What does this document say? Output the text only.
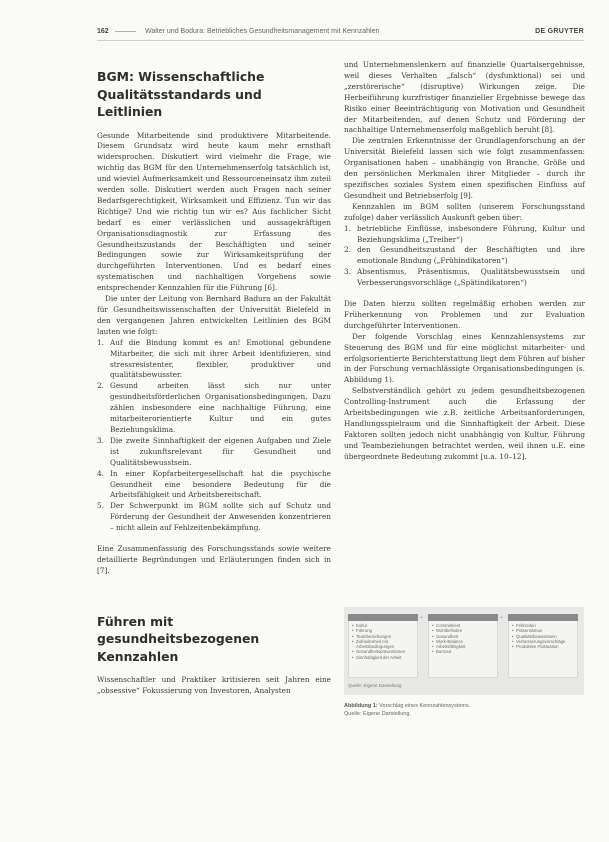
162 ——— Walter und Bodura: Betriebliches Gesundheitsmanagement mit Kennzahlen	DE GRUYTER
BGM: Wissenschaftliche
Qualitätsstandards und Leitlinien

Gesunde Mitarbeitende sind produktivere Mitarbeitende. Diesem Grundsatz wird heute kaum mehr ernsthaft widersprochen. Diskutiert wird vielmehr die Frage, wie wichtig das BGM für den Unternehmenserfolg tatsächlich ist, und wieviel Aufmerksamkeit und Ressourceneinsatz ihm zuteil werden solle. Diskutiert werden auch Fragen nach seiner Bedarfsgerechtigkeit, Wirksamkeit und Effizienz. Tun wir das Richtige? Und wie richtig tun wir es? Aus fachlicher Sicht bedarf es einer verlässlichen und aussagekräftigen Organisationsdiagnostik zur Erfassung des Gesundheitszustands der Beschäftigten und seiner Bedingungen sowie zur Wirksamkeitsprüfung der durchgeführten Interventionen. Und es bedarf eines systematischen und nachhaltigen Vorgehens sowie entsprechender Kennzahlen für die Führung [6].

Die unter der Leitung von Bernhard Badura an der Fakultät für Gesundheitswissenschaften der Universität Bielefeld in den vergangenen Jahren entwickelten Leitlinien des BGM lauten wie folgt:

1. Auf die Bindung kommt es an! Emotional gebundene Mitarbeiter, die sich mit ihrer Arbeit identifizieren, sind stressresistenter, flexibler, produktiver und qualitätsbewusster.
2. Gesund arbeiten lässt sich nur unter gesundheitsförderlichen Organisationsbedingungen. Dazu zählen insbesondere eine nachhaltige Führung, eine mitarbeiterorientierte Kultur und ein gutes Beziehungsklima.
3. Die zweite Sinnhaftigkeit der eigenen Aufgaben und Ziele ist zukunftsrelevant für Gesundheit und Qualitätsbewusstsein.
4. In einer Kopfarbeitergesellschaft hat die psychische Gesundheit eine besondere Bedeutung für die Arbeitsfähigkeit und Arbeitsbereitschaft.
5. Der Schwerpunkt im BGM sollte sich auf Schutz und Förderung der Gesundheit der Anwesenden konzentrieren – nicht allein auf Fehlzeitenbekämpfung.

Eine Zusammenfassung des Forschungsstands sowie weitere detaillierte Begründungen und Erläuterungen finden sich in [7].

Führen mit gesundheitsbezogenen
Kennzahlen

Wissenschaftler und Praktiker kritisieren seit Jahren eine „obsessive“ Fokussierung von Investoren, Analysten

und Unternehmenslenkern auf finanzielle Quartalsergebnisse, weil dieses Verhalten „falsch“ (dysfunktional) sei und „zerstörerische“ (disruptive) Wirkungen zeige. Die Herbeiführung kurzfristiger finanzieller Ergebnisse bewege das Risiko einer Beeinträchtigung von Motivation und Gesundheit der Mitarbeitenden, auf denen Schutz und Förderung der nachhaltige Unternehmenserfolg maßgeblich beruht [8].

Die zentralen Erkenntnisse der Grundlagenforschung an der Universität Bielefeld lassen sich wie folgt zusammenfassen: Organisationen haben – unabhängig von Branche, Größe und den persönlichen Merkmalen ihrer Mitglieder – durch ihr spezifisches soziales System einen spezifischen Einfluss auf Gesundheit und Betriebserfolg [9].

Kennzahlen im BGM sollten (unserem Forschungsstand zufolge) daher verlässlich Auskunft geben über:

1. betriebliche Einflüsse, insbesondere Führung, Kultur und Beziehungsklima („Treiber“)
2. den Gesundheitszustand der Beschäftigten und ihre emotionale Bindung („Frühindikatoren“)
3. Absentismus, Präsentismus, Qualitätsbewusstsein und Verbesserungsvorschläge („Spätindikatoren“)

Die Daten hierzu sollten regelmäßig erhoben werden zur Früherkennung von Problemen und zur Evaluation durchgeführter Interventionen.

Der folgende Vorschlag eines Kennzahlensystems zur Steuerung des BGM und für eine möglichst mitarbeiter- und erfolgsorientierte Berichterstattung liegt dem Führen auf bisher in der Forschung vernachlässigte Organisationsbedingungen (s. Abbildung 1).

Selbstverständlich gehört zu jedem gesundheitsbezogenen Controlling-Instrument auch die Erfassung der Arbeitsbedingungen wie z.B. zeitliche Arbeitsanforderungen, Handlungsspielraum und die Sinnhaftigkeit der Arbeit. Diese Faktoren sollten jedoch nicht unabhängig von Kultur, Führung und Teambeziehungen betrachtet werden, weil ihnen u.E. eine übergeordnete Bedeutung zukommt [u.a. 10–12].

• Kultur
• Führung
• Teambeziehungen
• Zufriedenheit mit Arbeitsbedingungen
• Gesundheitspräventionen
• Sinnhaftigkeit der Arbeit
→
• Commitment
• Wohlbefinden
• Gesundheit
• Work-Balance
• Arbeitsfähigkeit
• Burnout
→
• Fehlzeiten
• Präsentismus
• Qualitätsbewusstsein
• Verbesserungsvorschläge
• Produktive Fluktuation
Quelle: Eigene Darstellung
Abbildung 1: Vorschlag eines Kennzahlensystems.
Quelle: Eigene Darstellung.
